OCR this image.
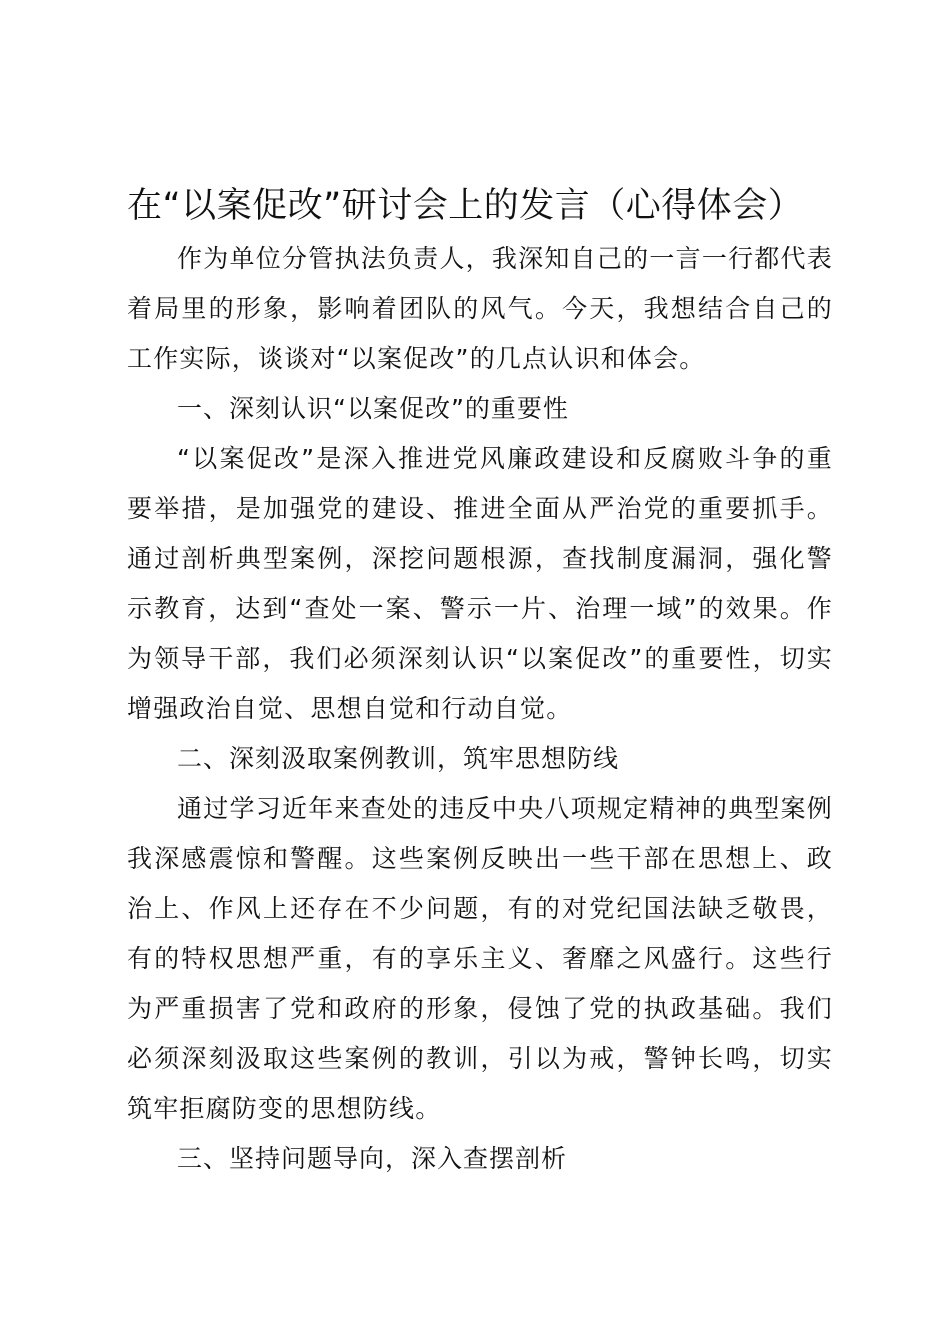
在“以案促改”研讨会上的发言（心得体会）

作为单位分管执法负责人，我深知自己的一言一行都代表着局里的形象，影响着团队的风气。今天，我想结合自己的工作实际，谈谈对“以案促改”的几点认识和体会。

一、深刻认识“以案促改”的重要性

“以案促改”是深入推进党风廉政建设和反腐败斗争的重要举措，是加强党的建设、推进全面从严治党的重要抓手。通过剖析典型案例，深挖问题根源，查找制度漏洞，强化警示教育，达到“查处一案、警示一片、治理一域”的效果。作为领导干部，我们必须深刻认识“以案促改”的重要性，切实增强政治自觉、思想自觉和行动自觉。

二、深刻汲取案例教训，筑牢思想防线

通过学习近年来查处的违反中央八项规定精神的典型案例我深感震惊和警醒。这些案例反映出一些干部在思想上、政治上、作风上还存在不少问题，有的对党纪国法缺乏敬畏，有的特权思想严重，有的享乐主义、奢靡之风盛行。这些行为严重损害了党和政府的形象，侵蚀了党的执政基础。我们必须深刻汲取这些案例的教训，引以为戒，警钟长鸣，切实筑牢拒腐防变的思想防线。

三、坚持问题导向，深入查摆剖析
